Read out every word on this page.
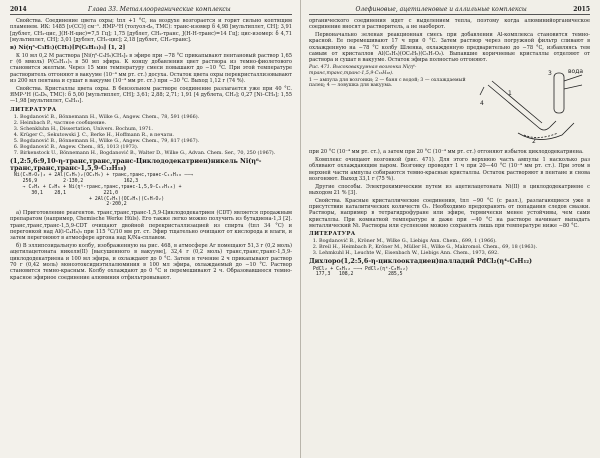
2014	Глава 33. Металлоорганические комплексы

Свойства. Соединение цвета охры; tпл +1 °C, на воздухе возгорается и горит сильно коптящим пламенем. ИК: 1485 [ν(CC)] см⁻¹. ЯМР-¹Н (толуол-d₈, ТМС): транс-изомер δ 4,98 [мультиплет, СН]; 3,91 [дублет, CH₂-цис, J(Н-Н-цис)=7,5 Гц]; 1,75 [дублет, СН₂-транс, J(Н-Н-транс)=14 Гц]; цис-изомер: δ 4,71 [мультиплет, СН]; 3,01 [дублет, СН₂-цис]; 2,18 [дублет, СН₂-транс].

в) Ni(η³-C₃H₅)(CH₃)[P(C₆H₁₁)₃] [1, 2]

К 10 мл 0,2 М раствора [Ni(η³-C₃H₅)CH₃]₂ в эфире при −78 °C прикапывают пентановый раствор 1,65 г (6 ммоль) P(C₆H₁₁)₃ в 50 мл эфира. К концу добавления цвет раствора из темно-фиолетового становится желтым. Через 15 мин температуру смеси повышают до −10 °C. При этой температуре растворитель отгоняют в вакууме (10⁻⁴ мм рт. ст.) досуха. Остаток цвета охры перекристаллизовывают из 200 мл пентана и сушат в вакууме (10⁻⁴ мм рт. ст.) при −30 °C. Выход 1,12 г (74 %).

Свойства. Кристаллы цвета охры. В бензольном растворе соединение разлагается уже при 40 °C. ЯМР-¹Н (C₆D₆, ТМС): δ 5,00 [мультиплет, СН]; 3,61; 2,88; 2,71; 1,91 [4 дублета, СН₂]; 0,27 [Ni–CH₃]; 1,55—1,98 [мультиплет, C₆H₁₁].

ЛИТЕРАТУРА
1. Bogdanović B., Bönnemann H., Wilke G., Angew. Chem., 78, 591 (1966).
2. Heimbach P., частное сообщение.
3. Schenkluhn H., Dissertation, Univers. Bochum, 1971.
4. Krüger C., Sekutowski J. C., Berke H., Hoffmann R., в печати.
5. Bogdanović B., Bönnemann H., Wilke G., Angew. Chem., 79, 817 (1967).
6. Bogdanović B., Angew. Chem., 85, 1013 (1973).
7. Birkenstock U., Bönnemann H., Bogdanović B., Walter D., Wilke G., Advan. Chem. Ser., 70, 250 (1967).
(1,2:5,6:9,10-η-транс,транс,транс-Циклододекатриен)никель Ni(η⁶-транс,транс,транс-1,5,9-C₁₂H₁₈)
Ni(C₅H₇O₂)₂ + 2Al(C₂H₅)₂(OC₂H₅) + транс,транс,транс-C₁₂H₁₈ ——→
256,9         2·130,2              162,3
→ C₂H₄ + C₂H₆ + Ni(η⁶-транс,транс,транс-1,5,9-C₁₂H₁₈) +
30,1    28,1             221,0
+ 2Al(C₂H₅)(OC₂H₅)(C₅H₇O₂)
2·200,2

а) Приготовление реагентов. транс,транс,транс-1,5,9-Циклододекатриен (CDT) является продажным препаратом (например, Chemische Werke Hüls). Его также легко можно получить из бутадиена-1,3 [2]. транс,транс,транс-1,5,9-CDT очищают двойной перекристаллизацией из спирта (tпл 34 °C) и перегонкой над Al(i-C₄H₉)₃ при 115 °C/10 мм рт. ст. Эфир тщательно очищают от кислорода и влаги, и затем перегоняют в атмосфере аргона над K/Na-сплавом.

б) В эллипсоидальную колбу, изображенную на рис. 468, в атмосфере Ar помещают 51,3 г (0,2 моль) ацетилацетоната никеля(II) [высушенного в вакууме], 32,4 г (0,2 моль) транс,транс,транс-1,5,9-циклододекатриена и 100 мл эфира, и охлаждают до 0 °C. Затем в течение 2 ч прикапывают раствор 70 г (0,42 моль) моноэтоксидиэтилалюминия в 100 мл эфира, охлаждаемый до −10 °C. Раствор становится темно-красным. Колбу охлаждают до 0 °C и перемешивают 2 ч. Образовавшееся темно-красное эфирное соединение алюминия отфильтровывают.

Олефиновые, ацетиленовые и аллильные комплексы	2015

органического соединения идет с выделением тепла, поэтому когда алюминийорганическое соединение вносят в растворитель, а не наоборот.

Первоначально зеленая реакционная смесь при добавлении Al-комплекса становится темно-красной. Ее перемешивают 17 ч при 0 °C. Затем раствор через погружной фильтр сливают в охлажденную на −78 °C колбу Шленка, охлажденную предварительно до −78 °C, избавляясь тем самым от кристаллов Al(C₂H₅)(OC₂H₅)(C₅H₇O₂). Выпавшие коричневые кристаллы отделяют от раствора и сушат в вакууме. Остаток эфира полностью отгоняют.

Рис. 471. Высоковакуумная возгонка Ni(η⁶-транс,транс,транс-1,5,9-C₁₂H₁₈).
1 — ампула для возгонки; 2 — баня с водой; 3 — охлаждаемый палец; 4 — ловушка для вакуума.
1
2
3
4
вода

при 20 °C (10⁻⁴ мм рт. ст.), а затем при 20 °C (10⁻⁴ мм рт. ст.) отгоняют избыток циклододекатриена.

Комплекс очищают возгонкой (рис. 471). Для этого верхнюю часть ампулы 1 насколько раз обливают охлаждающим паром. Возгонку проводят 1 ч при 20—40 °C (10⁻⁴ мм рт. ст.). При этом в верхней части ампулы собираются темно-красные кристаллы. Остаток растворяют в пентане и снова возгоняют. Выход 33,1 г (75 %).

Другие способы. Электрохимическим путем из ацетилацетоната Ni(II) в циклододекатриене с выходом 21 % [3].

Свойства. Красные кристаллические соединения, tпл −90 °C (с разл.), разлагающиеся уже в присутствии каталитических количеств O₂. Необходимо предохранять от попадания следов смазки. Растворы, например в тетрагидрофуране или эфире, термически менее устойчивы, чем сами кристаллы. При комнатной температуре и даже при −40 °C на растворе начинает выпадать металлический Ni. Растворы или суспензии можно сохранять лишь при температуре ниже −80 °C.

ЛИТЕРАТУРА
1. Bogdanović B., Kröner M., Wilke G., Liebigs Ann. Chem., 699, 1 (1966).
2. Breil H., Heimbach P., Kröner M., Müller H., Wilke G., Makromol. Chem., 69, 18 (1963).
3. Lehmkuhl H., Leuchte W., Eisenbach W., Liebigs Ann. Chem., 1973, 692.
Дихлоро(1,2:5,6-η-циклооктадиен)палладий PdCl₂(η⁴-C₈H₁₂)
PdCl₂ + C₈H₁₂ ——→ PdCl₂(η⁴-C₈H₁₂)
177,3   108,2            285,5
